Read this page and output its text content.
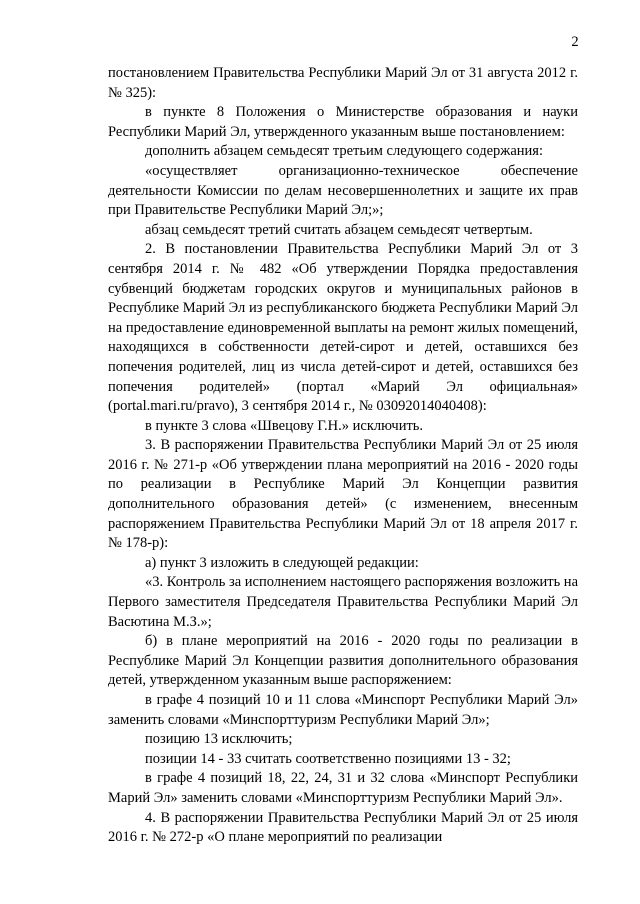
2

постановлением Правительства Республики Марий Эл от 31 августа 2012 г. № 325):

в пункте 8 Положения о Министерстве образования и науки Республики Марий Эл, утвержденного указанным выше постановлением:

дополнить абзацем семьдесят третьим следующего содержания:

«осуществляет организационно-техническое обеспечение деятельности Комиссии по делам несовершеннолетних и защите их прав при Правительстве Республики Марий Эл;»;

абзац семьдесят третий считать абзацем семьдесят четвертым.

2. В постановлении Правительства Республики Марий Эл от 3 сентября 2014 г. № 482 «Об утверждении Порядка предоставления субвенций бюджетам городских округов и муниципальных районов в Республике Марий Эл из республиканского бюджета Республики Марий Эл на предоставление единовременной выплаты на ремонт жилых помещений, находящихся в собственности детей-сирот и детей, оставшихся без попечения родителей, лиц из числа детей-сирот и детей, оставшихся без попечения родителей» (портал «Марий Эл официальная» (portal.mari.ru/pravo), 3 сентября 2014 г., № 03092014040408):

в пункте 3 слова «Швецову Г.Н.» исключить.

3. В распоряжении Правительства Республики Марий Эл от 25 июля 2016 г. № 271-р «Об утверждении плана мероприятий на 2016 - 2020 годы по реализации в Республике Марий Эл Концепции развития дополнительного образования детей» (с изменением, внесенным распоряжением Правительства Республики Марий Эл от 18 апреля 2017 г. № 178-р):

а) пункт 3 изложить в следующей редакции:

«3. Контроль за исполнением настоящего распоряжения возложить на Первого заместителя Председателя Правительства Республики Марий Эл Васютина М.З.»;

б) в плане мероприятий на 2016 - 2020 годы по реализации в Республике Марий Эл Концепции развития дополнительного образования детей, утвержденном указанным выше распоряжением:

в графе 4 позиций 10 и 11 слова «Минспорт Республики Марий Эл» заменить словами «Минспорттуризм Республики Марий Эл»;

позицию 13 исключить;

позиции 14 - 33 считать соответственно позициями 13 - 32;

в графе 4 позиций 18, 22, 24, 31 и 32 слова «Минспорт Республики Марий Эл» заменить словами «Минспорттуризм Республики Марий Эл».

4. В распоряжении Правительства Республики Марий Эл от 25 июля 2016 г. № 272-р «О плане мероприятий по реализации
